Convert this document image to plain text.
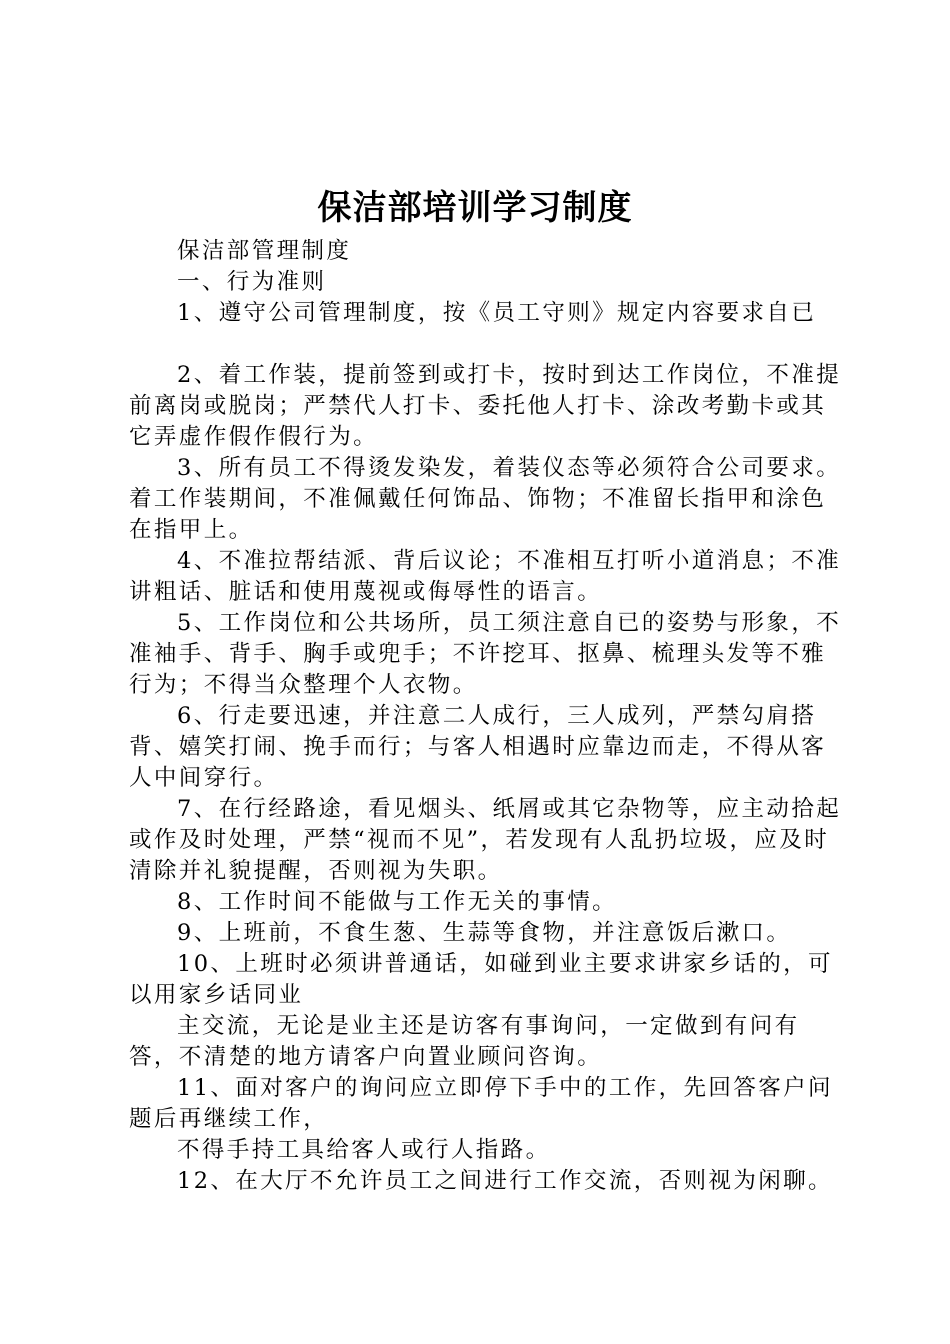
保洁部培训学习制度

保洁部管理制度

一、行为准则

1、遵守公司管理制度，按《员工守则》规定内容要求自已

2、着工作装，提前签到或打卡，按时到达工作岗位，不准提前离岗或脱岗；严禁代人打卡、委托他人打卡、涂改考勤卡或其它弄虚作假作假行为。

3、所有员工不得烫发染发，着装仪态等必须符合公司要求。着工作装期间，不准佩戴任何饰品、饰物；不准留长指甲和涂色在指甲上。

4、不准拉帮结派、背后议论；不准相互打听小道消息；不准讲粗话、脏话和使用蔑视或侮辱性的语言。

5、工作岗位和公共场所，员工须注意自已的姿势与形象，不准袖手、背手、胸手或兜手；不许挖耳、抠鼻、梳理头发等不雅行为；不得当众整理个人衣物。

6、行走要迅速，并注意二人成行，三人成列，严禁勾肩搭背、嬉笑打闹、挽手而行；与客人相遇时应靠边而走，不得从客人中间穿行。

7、在行经路途，看见烟头、纸屑或其它杂物等，应主动拾起或作及时处理，严禁“视而不见”，若发现有人乱扔垃圾，应及时清除并礼貌提醒，否则视为失职。

8、工作时间不能做与工作无关的事情。

9、上班前，不食生葱、生蒜等食物，并注意饭后漱口。

10、上班时必须讲普通话，如碰到业主要求讲家乡话的，可以用家乡话同业

主交流，无论是业主还是访客有事询问，一定做到有问有答，不清楚的地方请客户向置业顾问咨询。

11、面对客户的询问应立即停下手中的工作，先回答客户问题后再继续工作，

不得手持工具给客人或行人指路。

12、在大厅不允许员工之间进行工作交流，否则视为闲聊。
